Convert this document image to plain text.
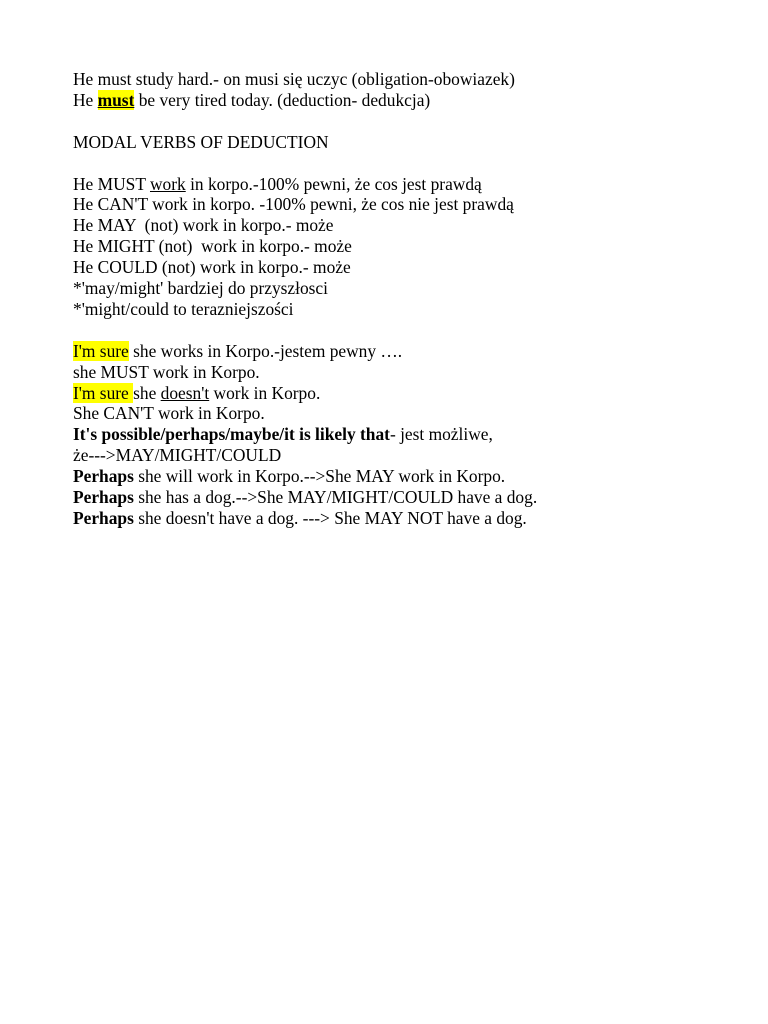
He must study hard.- on musi się uczyc (obligation-obowiazek)
He must be very tired today. (deduction- dedukcja)
MODAL VERBS OF DEDUCTION
He MUST work in korpo.-100% pewni, że cos jest prawdą
He CAN'T work in korpo. -100% pewni, że cos nie jest prawdą
He MAY  (not) work in korpo.- może
He MIGHT (not)  work in korpo.- może
He COULD (not) work in korpo.- może
*'may/might' bardziej do przyszłosci
*'might/could to terazniejszości
I'm sure she works in Korpo.-jestem pewny ….
she MUST work in Korpo.
I'm sure she doesn't work in Korpo.
She CAN'T work in Korpo.
It's possible/perhaps/maybe/it is likely that- jest możliwe,
że--->MAY/MIGHT/COULD
Perhaps she will work in Korpo.-->She MAY work in Korpo.
Perhaps she has a dog.-->She MAY/MIGHT/COULD have a dog.
Perhaps she doesn't have a dog. ---> She MAY NOT have a dog.
